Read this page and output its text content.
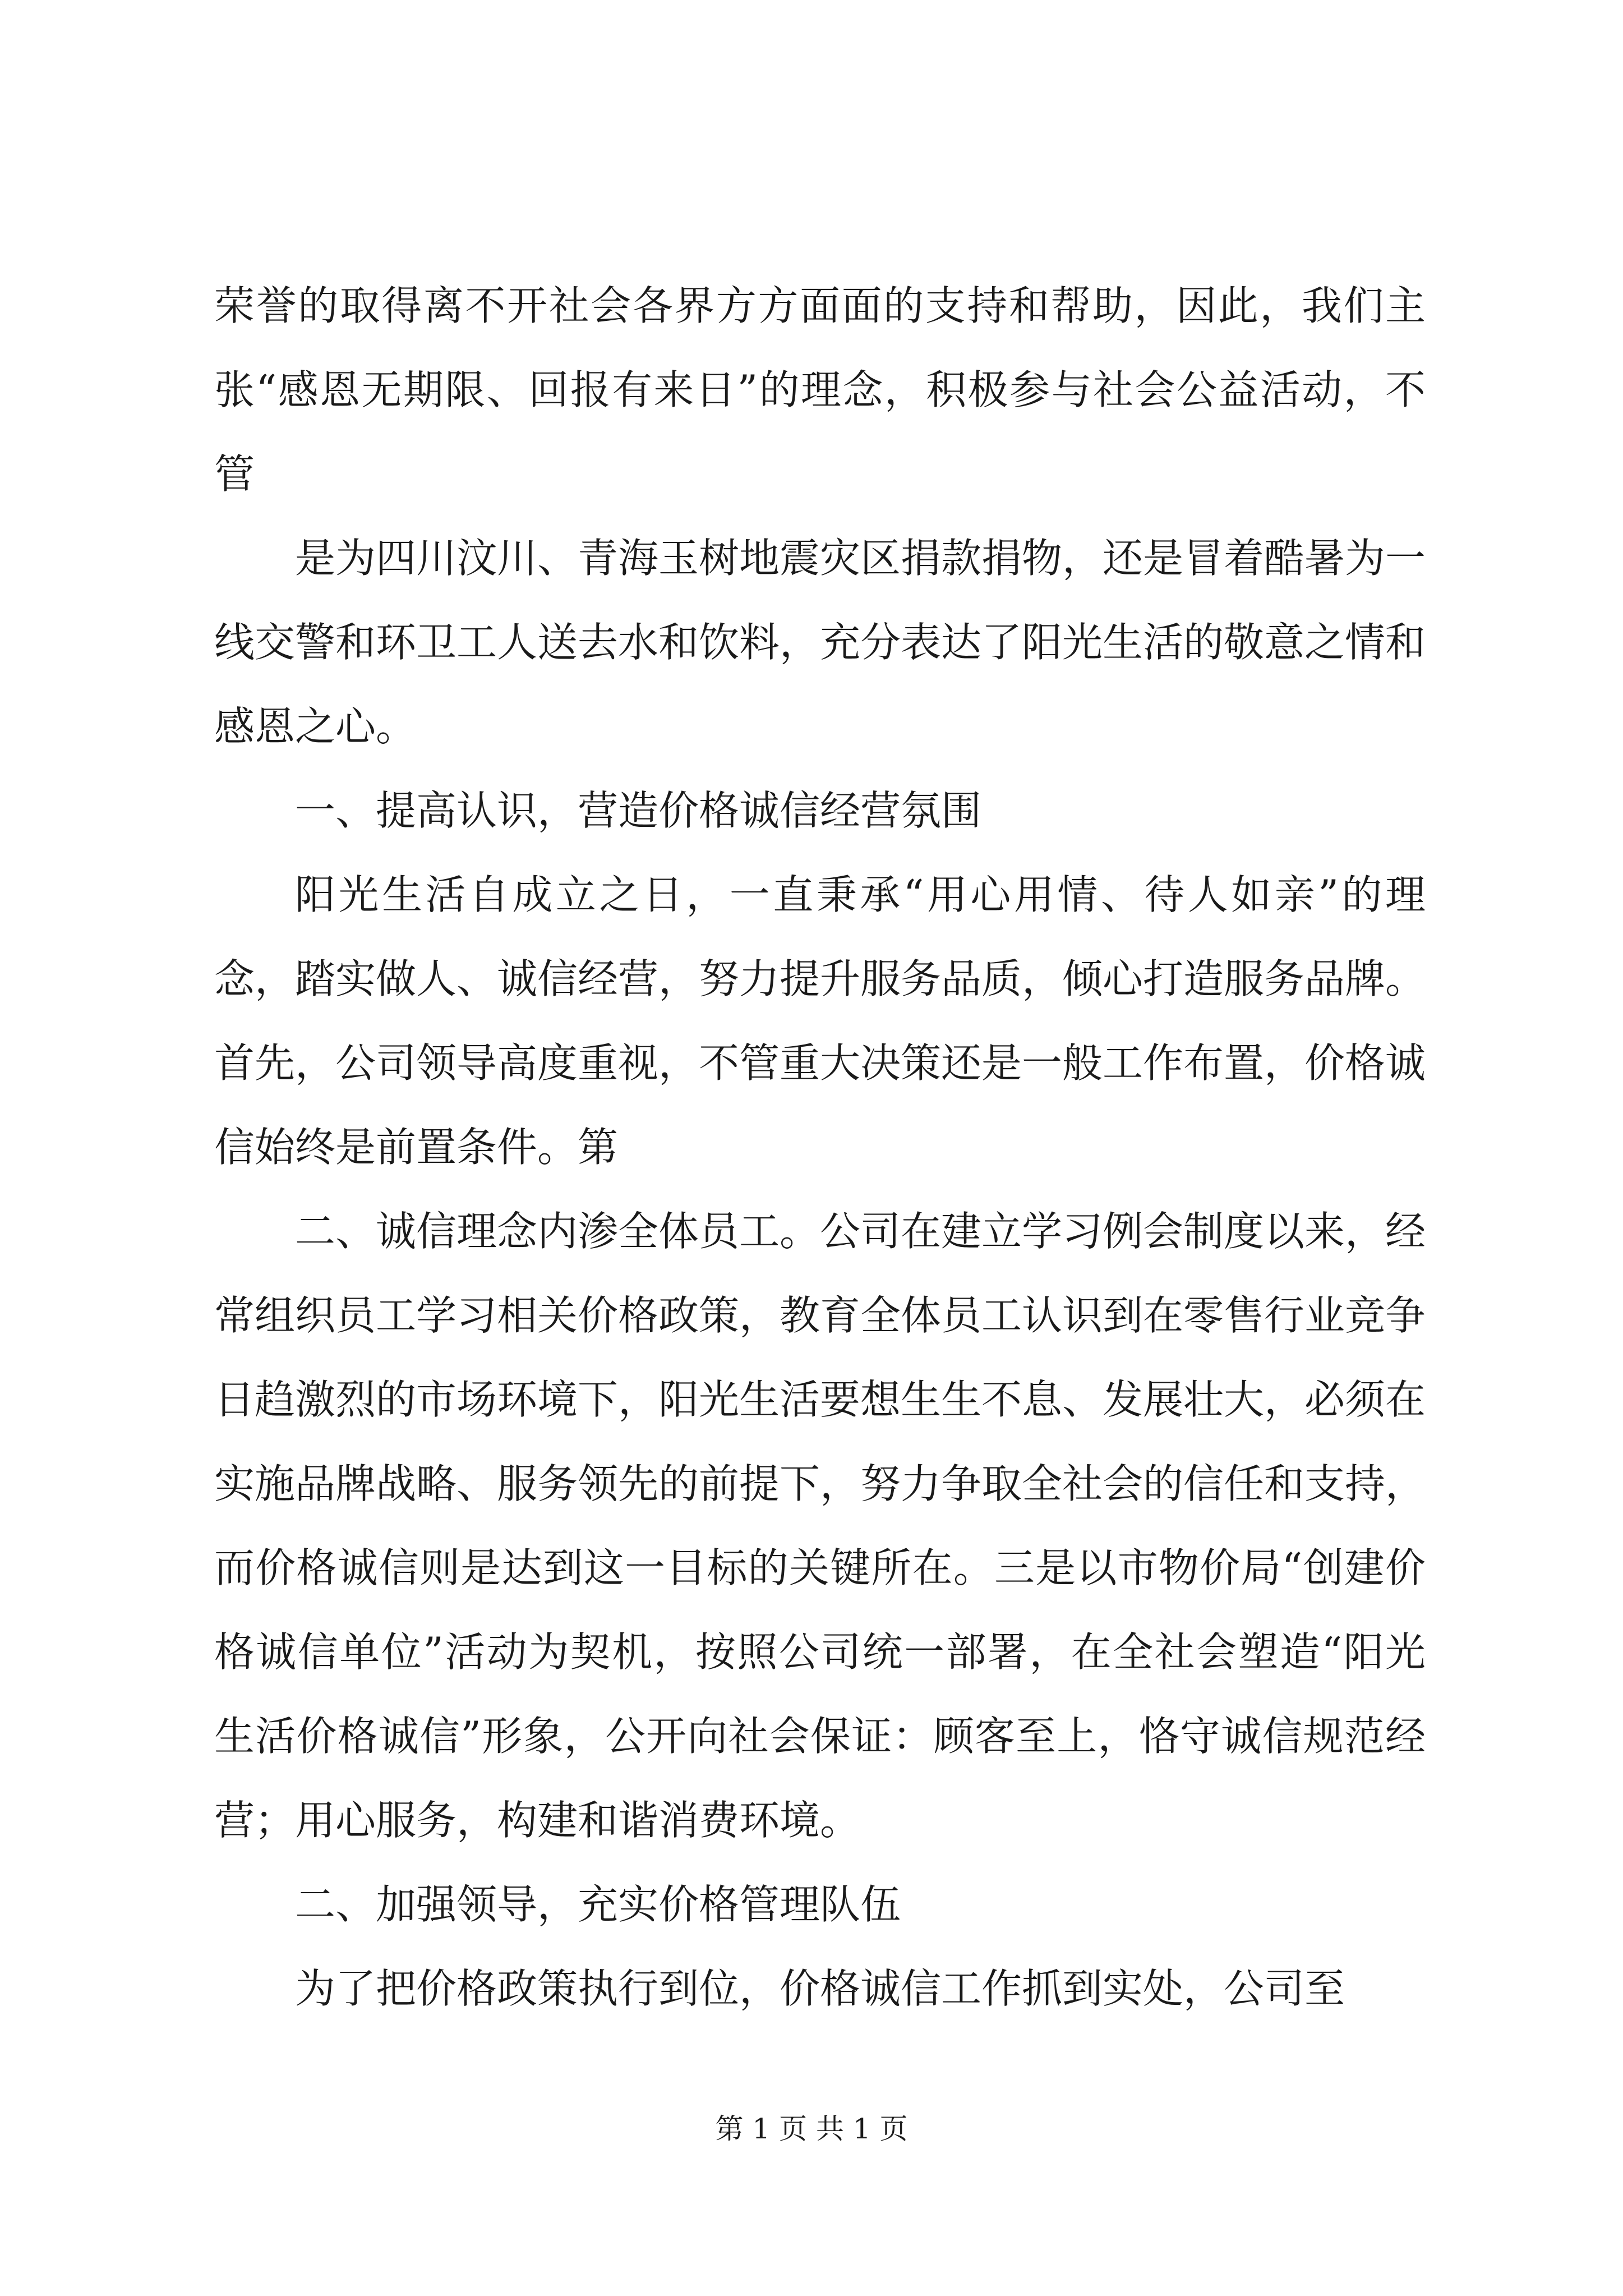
荣誉的取得离不开社会各界方方面面的支持和帮助，因此，我们主张“感恩无期限、回报有来日”的理念，积极参与社会公益活动，不管

是为四川汶川、青海玉树地震灾区捐款捐物，还是冒着酷暑为一线交警和环卫工人送去水和饮料，充分表达了阳光生活的敬意之情和感恩之心。

一、提高认识，营造价格诚信经营氛围

阳光生活自成立之日，一直秉承“用心用情、待人如亲”的理念，踏实做人、诚信经营，努力提升服务品质，倾心打造服务品牌。首先，公司领导高度重视，不管重大决策还是一般工作布置，价格诚信始终是前置条件。第

二、诚信理念内渗全体员工。公司在建立学习例会制度以来，经常组织员工学习相关价格政策，教育全体员工认识到在零售行业竞争日趋激烈的市场环境下，阳光生活要想生生不息、发展壮大，必须在实施品牌战略、服务领先的前提下，努力争取全社会的信任和支持，而价格诚信则是达到这一目标的关键所在。三是以市物价局“创建价格诚信单位”活动为契机，按照公司统一部署，在全社会塑造“阳光生活价格诚信”形象，公开向社会保证：顾客至上，恪守诚信规范经营；用心服务，构建和谐消费环境。

二、加强领导，充实价格管理队伍

为了把价格政策执行到位，价格诚信工作抓到实处，公司至

第 1 页 共 1 页
